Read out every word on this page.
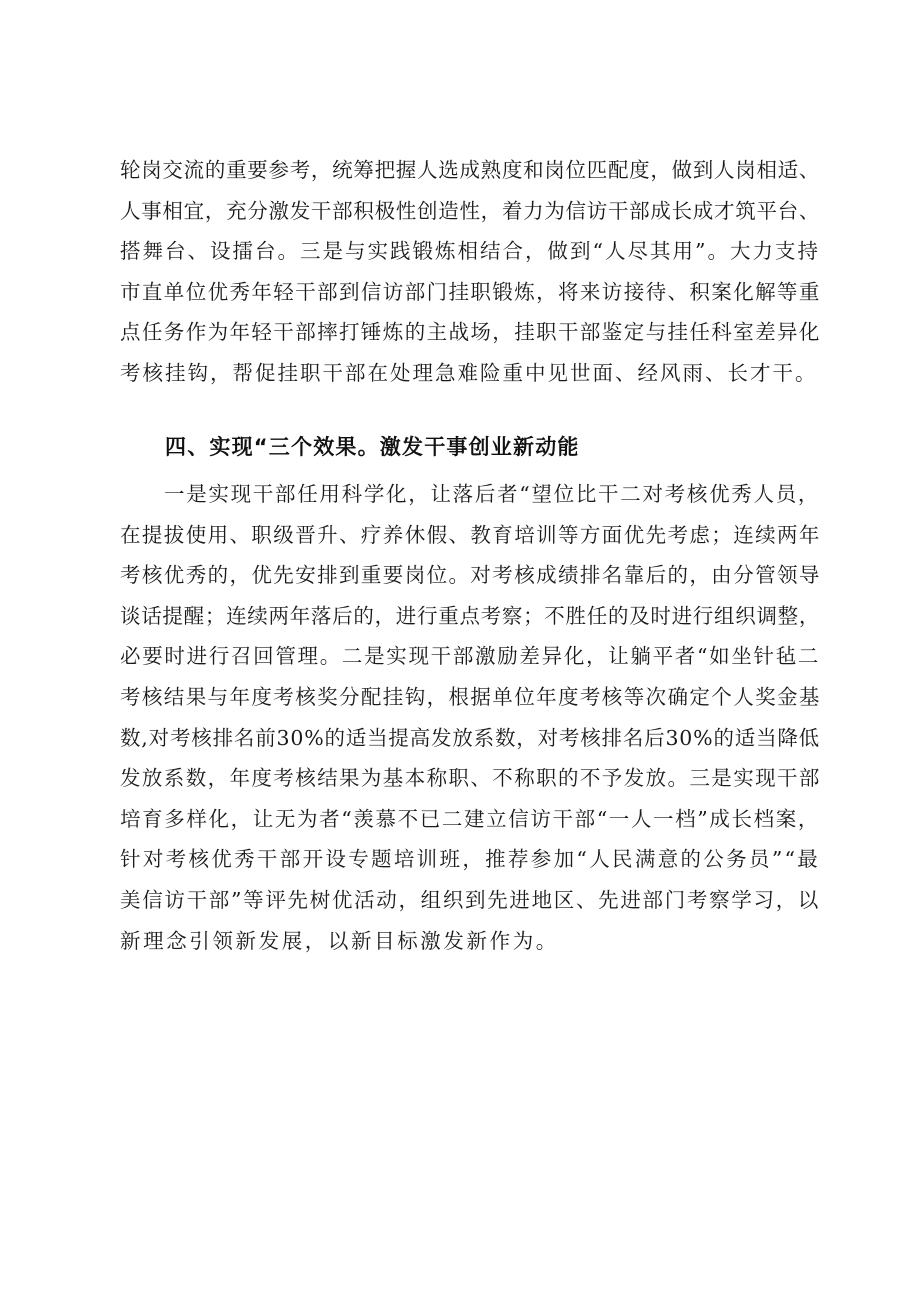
轮岗交流的重要参考，统筹把握人选成熟度和岗位匹配度，做到人岗相适、
人事相宜，充分激发干部积极性创造性，着力为信访干部成长成才筑平台、
搭舞台、设擂台。三是与实践锻炼相结合，做到“人尽其用”。大力支持
市直单位优秀年轻干部到信访部门挂职锻炼，将来访接待、积案化解等重
点任务作为年轻干部摔打锤炼的主战场，挂职干部鉴定与挂任科室差异化
考核挂钩，帮促挂职干部在处理急难险重中见世面、经风雨、长才干。
四、实现“三个效果。激发干事创业新动能
一是实现干部任用科学化，让落后者“望位比干二对考核优秀人员，
在提拔使用、职级晋升、疗养休假、教育培训等方面优先考虑；连续两年
考核优秀的，优先安排到重要岗位。对考核成绩排名靠后的，由分管领导
谈话提醒；连续两年落后的，进行重点考察；不胜任的及时进行组织调整，
必要时进行召回管理。二是实现干部激励差异化，让躺平者“如坐针毡二
考核结果与年度考核奖分配挂钩，根据单位年度考核等次确定个人奖金基
数,对考核排名前30%的适当提高发放系数，对考核排名后30%的适当降低
发放系数，年度考核结果为基本称职、不称职的不予发放。三是实现干部
培育多样化，让无为者“羡慕不已二建立信访干部“一人一档”成长档案，
针对考核优秀干部开设专题培训班，推荐参加“人民满意的公务员”“最
美信访干部”等评先树优活动，组织到先进地区、先进部门考察学习，以
新理念引领新发展，以新目标激发新作为。
